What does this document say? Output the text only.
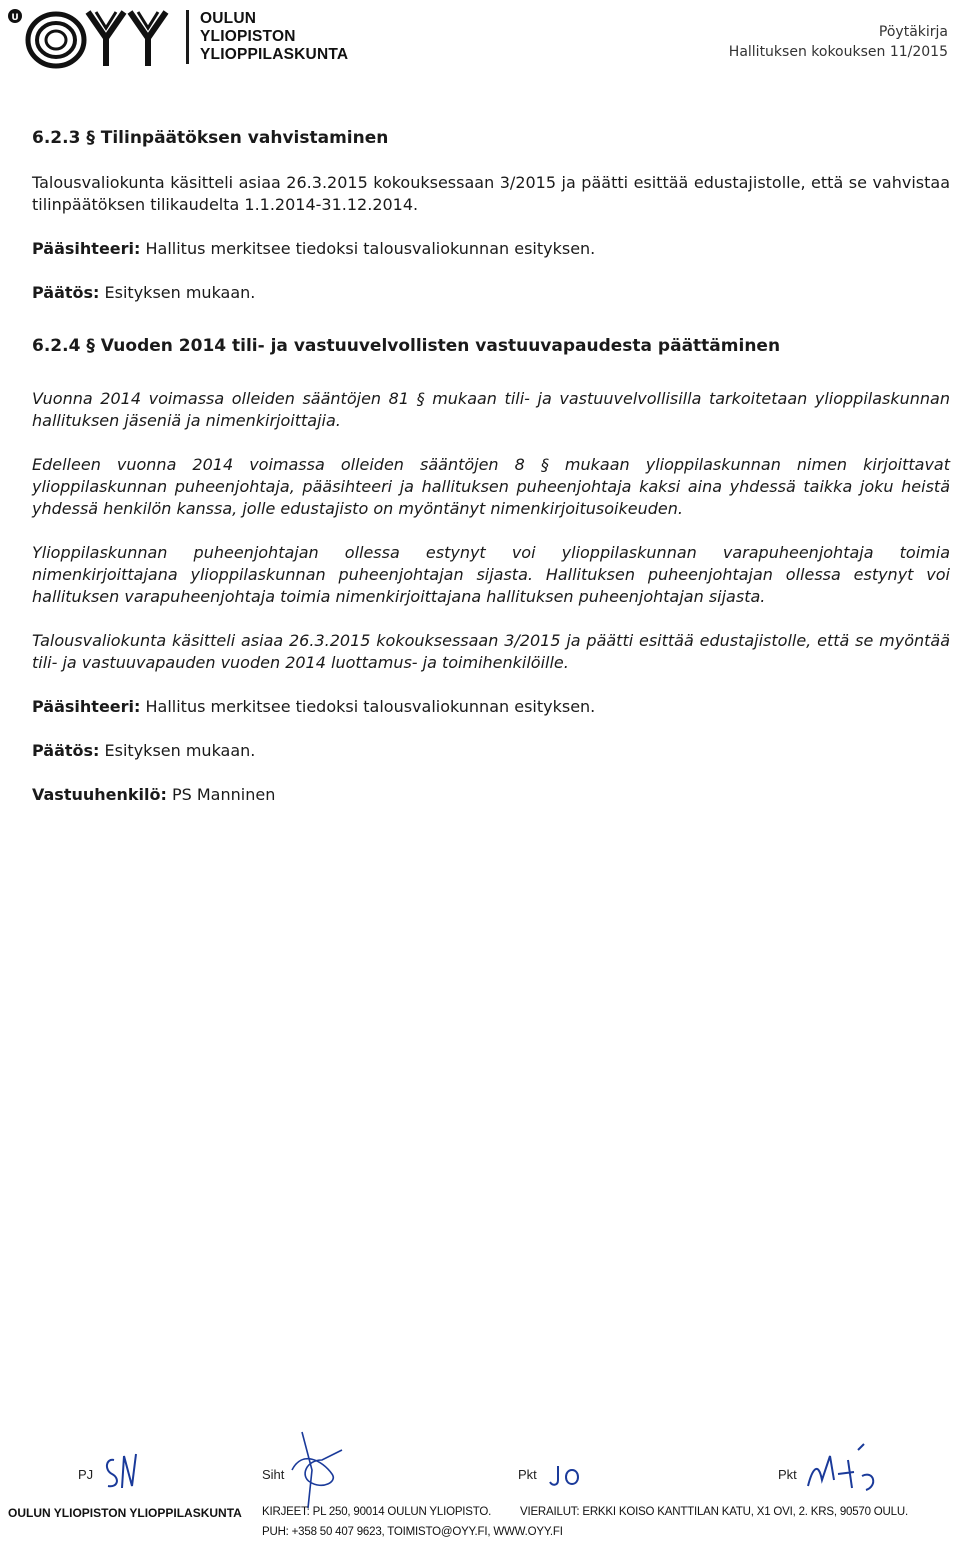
U	OULUN
YLIOPISTON
YLIOPPILASKUNTA
Pöytäkirja
Hallituksen kokouksen 11/2015
6.2.3 § Tilinpäätöksen vahvistaminen

Talousvaliokunta käsitteli asiaa 26.3.2015 kokouksessaan 3/2015 ja päätti esittää edustajistolle, että se vahvistaa tilinpäätöksen tilikaudelta 1.1.2014-31.12.2014.

Pääsihteeri: Hallitus merkitsee tiedoksi talousvaliokunnan esityksen.

Päätös: Esityksen mukaan.

6.2.4 § Vuoden 2014 tili- ja vastuuvelvollisten vastuuvapaudesta päättäminen

Vuonna 2014 voimassa olleiden sääntöjen 81 § mukaan tili- ja vastuuvelvollisilla tarkoitetaan ylioppilaskunnan hallituksen jäseniä ja nimenkirjoittajia.

Edelleen vuonna 2014 voimassa olleiden sääntöjen 8 § mukaan ylioppilaskunnan nimen kirjoittavat ylioppilaskunnan puheenjohtaja, pääsihteeri ja hallituksen puheenjohtaja kaksi aina yhdessä taikka joku heistä yhdessä henkilön kanssa, jolle edustajisto on myöntänyt nimenkirjoitusoikeuden.

Ylioppilaskunnan puheenjohtajan ollessa estynyt voi ylioppilaskunnan varapuheenjohtaja toimia nimenkirjoittajana ylioppilaskunnan puheenjohtajan sijasta. Hallituksen puheenjohtajan ollessa estynyt voi hallituksen varapuheenjohtaja toimia nimenkirjoittajana hallituksen puheenjohtajan sijasta.

Talousvaliokunta käsitteli asiaa 26.3.2015 kokouksessaan 3/2015 ja päätti esittää edustajistolle, että se myöntää tili- ja vastuuvapauden vuoden 2014 luottamus- ja toimihenkilöille.

Pääsihteeri: Hallitus merkitsee tiedoksi talousvaliokunnan esityksen.

Päätös: Esityksen mukaan.

Vastuuhenkilö: PS Manninen

PJ	Siht	Pkt	Pkt
OULUN YLIOPISTON YLIOPPILASKUNTA KIRJEET: PL 250, 90014 OULUN YLIOPISTO.	VIERAILUT: ERKKI KOISO KANTTILAN KATU, X1 OVI, 2. KRS, 90570 OULU.
PUH: +358 50 407 9623, TOIMISTO@OYY.FI, WWW.OYY.FI
